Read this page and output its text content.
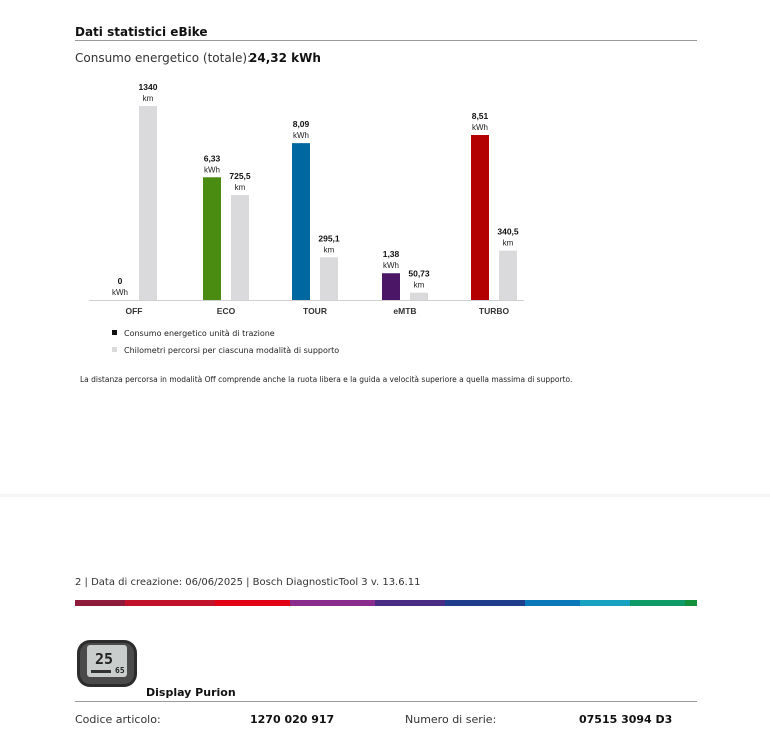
Dati statistici eBike
Consumo energetico (totale):
24,32 kWh
0
kWh
1340
km
OFF
6,33
kWh
725,5
km
ECO
8,09
kWh
295,1
km
TOUR
1,38
kWh
50,73
km
eMTB
8,51
kWh
340,5
km
TURBO
Consumo energetico unità di trazione
Chilometri percorsi per ciascuna modalità di supporto
La distanza percorsa in modalità Off comprende anche la ruota libera e la guida a velocità superiore a quella massima di supporto.
2 | Data di creazione: 06/06/2025 | Bosch DiagnosticTool 3 v. 13.6.11
25
65
Display Purion
Codice articolo:	1270 020 917	Numero di serie:	07515 3094 D3
